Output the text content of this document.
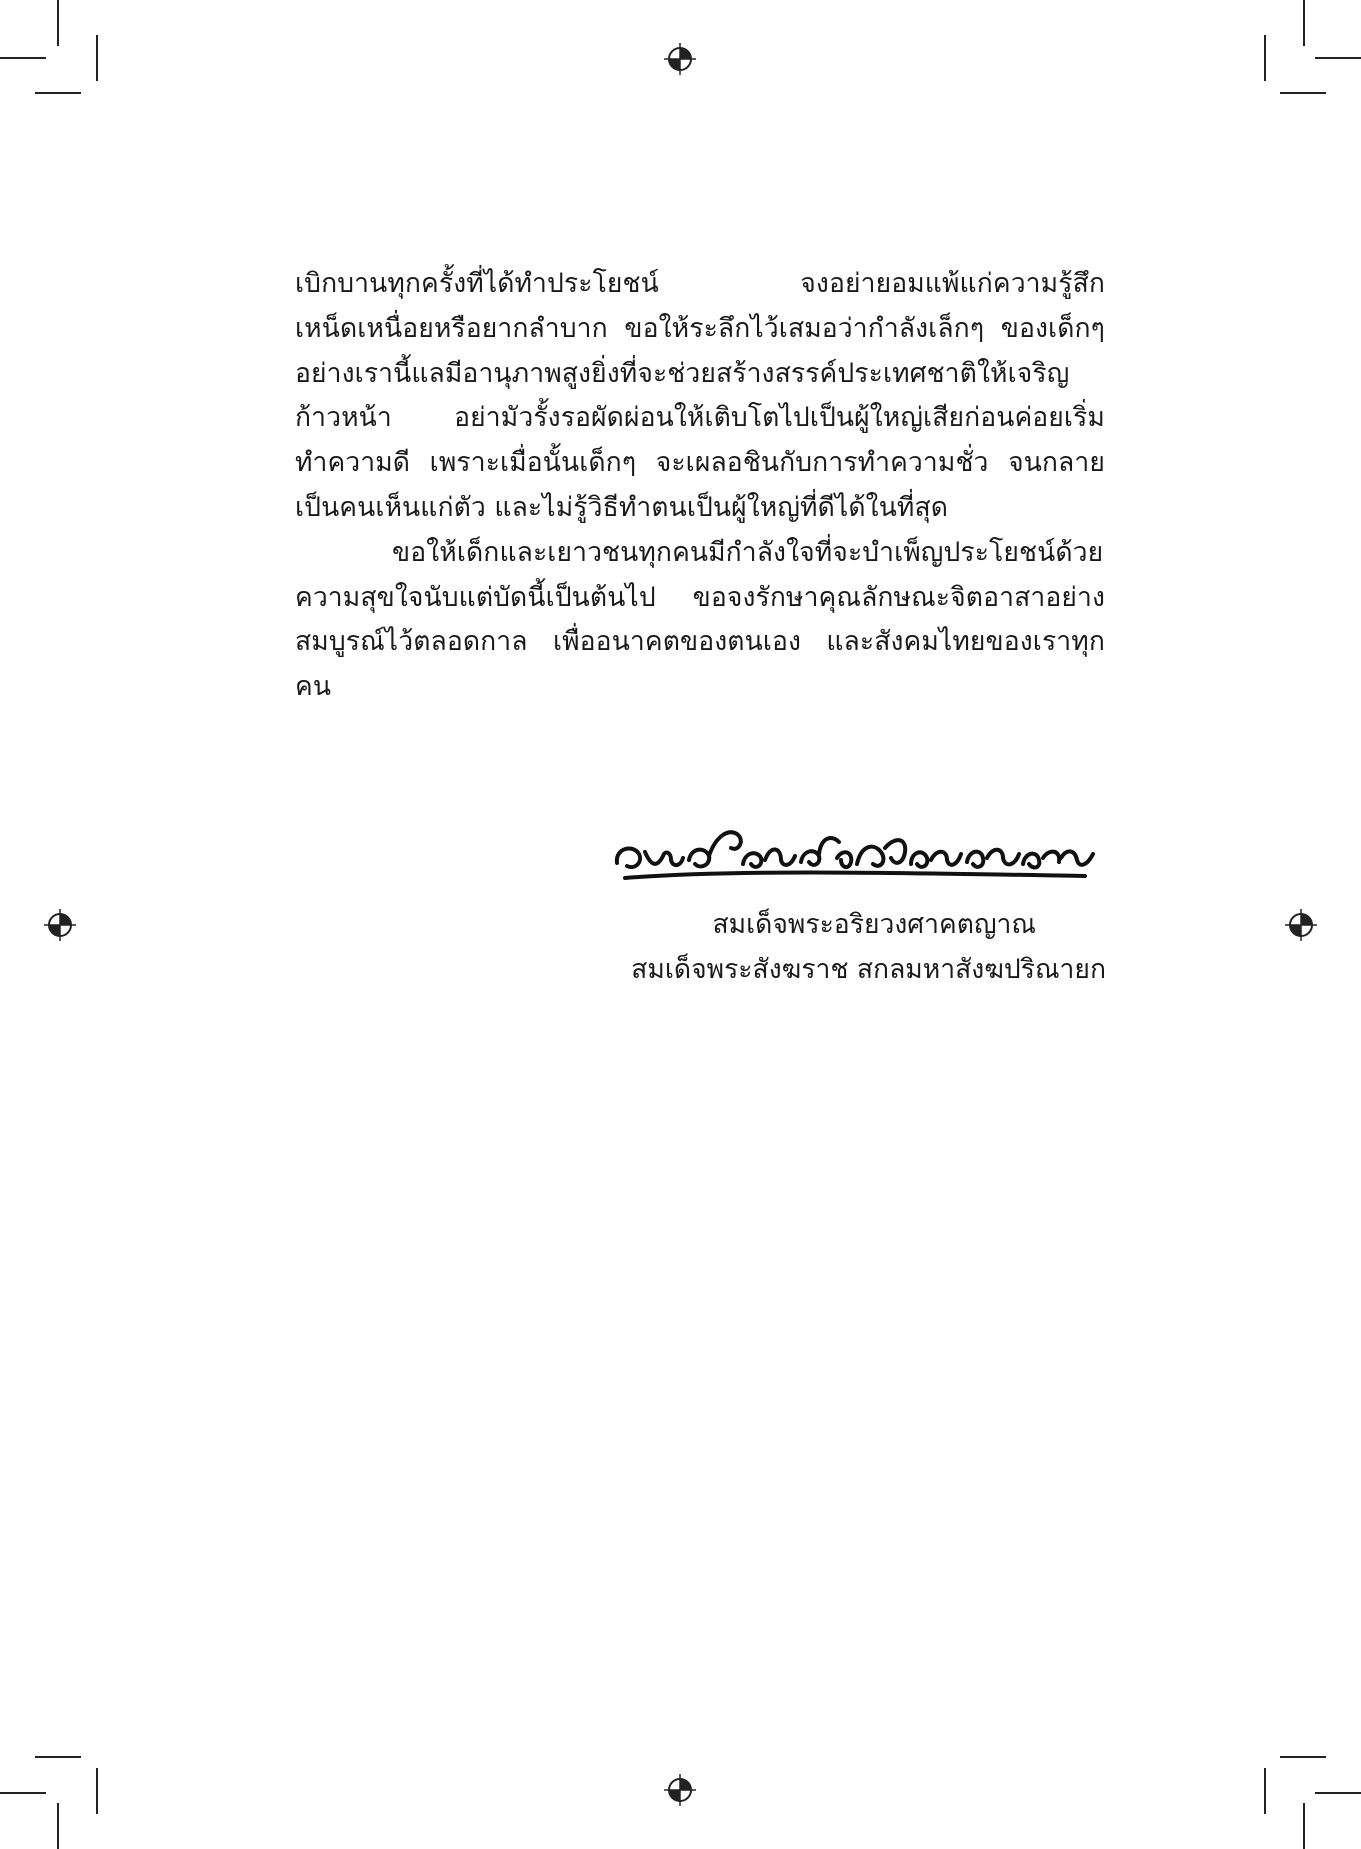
เบิกบานทุกครั้งที่ได้ทำประโยชน์ จงอย่ายอมแพ้แก่ความรู้สึกเหน็ดเหนื่อยหรือยากลำบาก ขอให้ระลึกไว้เสมอว่ากำลังเล็กๆ ของเด็กๆ อย่างเรานี้แลมีอานุภาพสูงยิ่งที่จะช่วยสร้างสรรค์ประเทศชาติให้เจริญก้าวหน้า อย่ามัวรั้งรอผัดผ่อนให้เติบโตไปเป็นผู้ใหญ่เสียก่อนค่อยเริ่มทำความดี เพราะเมื่อนั้นเด็กๆ จะเผลอชินกับการทำความชั่ว จนกลายเป็นคนเห็นแก่ตัว และไม่รู้วิธีทำตนเป็นผู้ใหญ่ที่ดีได้ในที่สุด

ขอให้เด็กและเยาวชนทุกคนมีกำลังใจที่จะบำเพ็ญประโยชน์ด้วยความสุขใจนับแต่บัดนี้เป็นต้นไป ขอจงรักษาคุณลักษณะจิตอาสาอย่างสมบูรณ์ไว้ตลอดกาล เพื่ออนาคตของตนเอง และสังคมไทยของเราทุกคน

สมเด็จพระอริยวงศาคตญาณ
สมเด็จพระสังฆราช สกลมหาสังฆปริณายก
